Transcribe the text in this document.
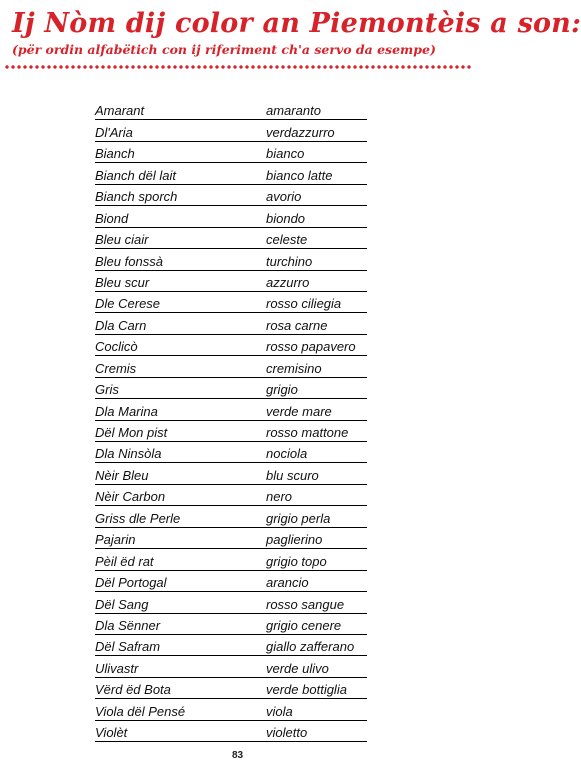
Ij Nòm dij color an Piemontèis a son:
(për ordin alfabëtich con ij riferiment ch'a servo da esempe)
Amarant	amaranto
Dl'Aria	verdazzurro
Bianch	bianco
Bianch dël lait	bianco latte
Bianch sporch	avorio
Biond	biondo
Bleu ciair	celeste
Bleu fonssà	turchino
Bleu scur	azzurro
Dle Cerese	rosso ciliegia
Dla Carn	rosa carne
Coclicò	rosso papavero
Cremis	cremisino
Gris	grigio
Dla Marina	verde mare
Dël Mon pist	rosso mattone
Dla Ninsòla	nociola
Nèir Bleu	blu scuro
Nèir Carbon	nero
Griss dle Perle	grigio perla
Pajarin	paglierino
Pèil ëd rat	grigio topo
Dël Portogal	arancio
Dël Sang	rosso sangue
Dla Sënner	grigio cenere
Dël Safram	giallo zafferano
Ulivastr	verde ulivo
Vërd ëd Bota	verde bottiglia
Viola dël Pensé	viola
Violèt	violetto
83
